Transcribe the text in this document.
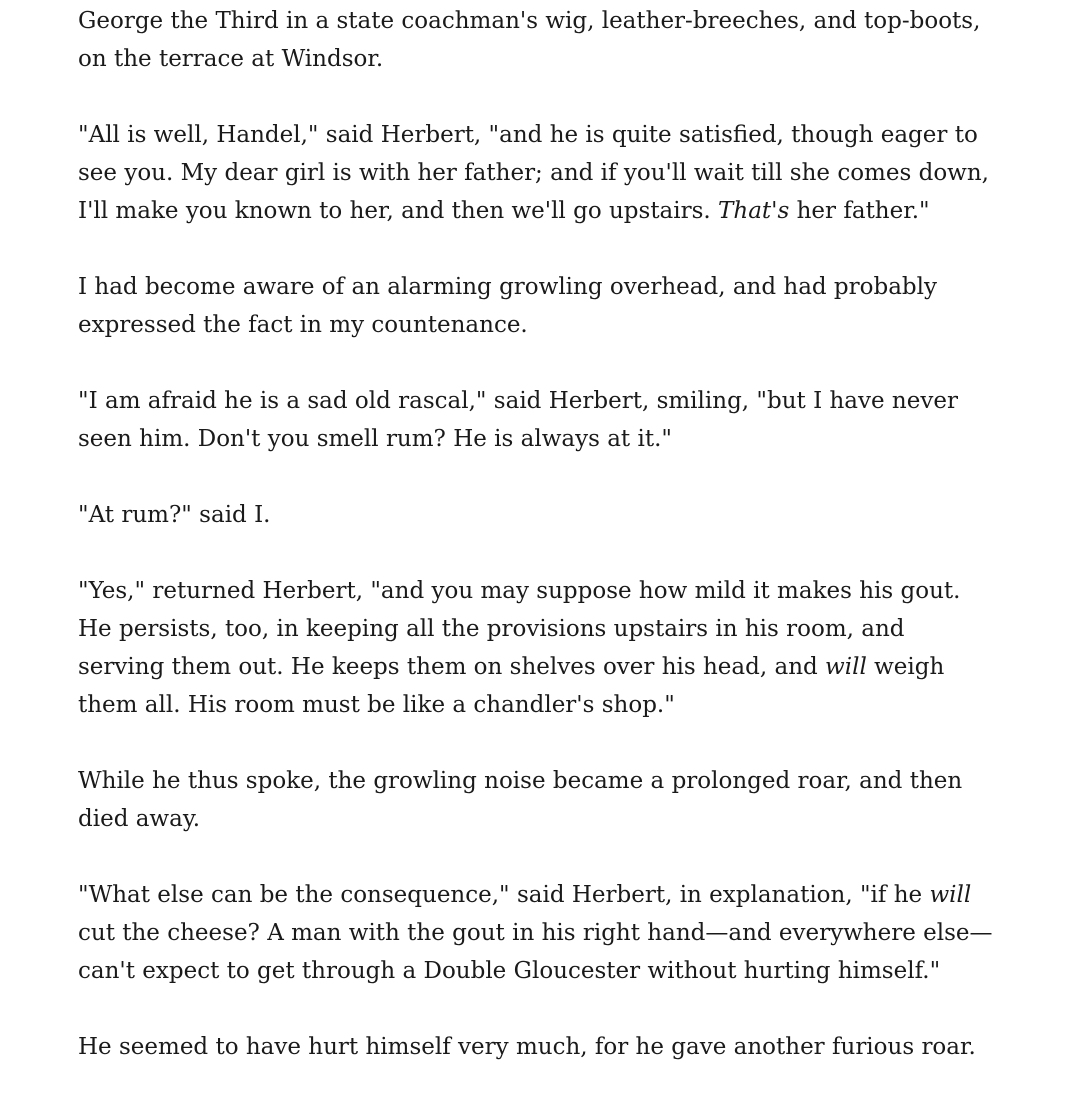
George the Third in a state coachman's wig, leather-breeches, and top-boots,
on the terrace at Windsor.

"All is well, Handel," said Herbert, "and he is quite satisfied, though eager to
see you. My dear girl is with her father; and if you'll wait till she comes down,
I'll make you known to her, and then we'll go upstairs. That's her father."

I had become aware of an alarming growling overhead, and had probably
expressed the fact in my countenance.

"I am afraid he is a sad old rascal," said Herbert, smiling, "but I have never
seen him. Don't you smell rum? He is always at it."

"At rum?" said I.

"Yes," returned Herbert, "and you may suppose how mild it makes his gout.
He persists, too, in keeping all the provisions upstairs in his room, and
serving them out. He keeps them on shelves over his head, and will weigh
them all. His room must be like a chandler's shop."

While he thus spoke, the growling noise became a prolonged roar, and then
died away.

"What else can be the consequence," said Herbert, in explanation, "if he will
cut the cheese? A man with the gout in his right hand—and everywhere else—
can't expect to get through a Double Gloucester without hurting himself."

He seemed to have hurt himself very much, for he gave another furious roar.
